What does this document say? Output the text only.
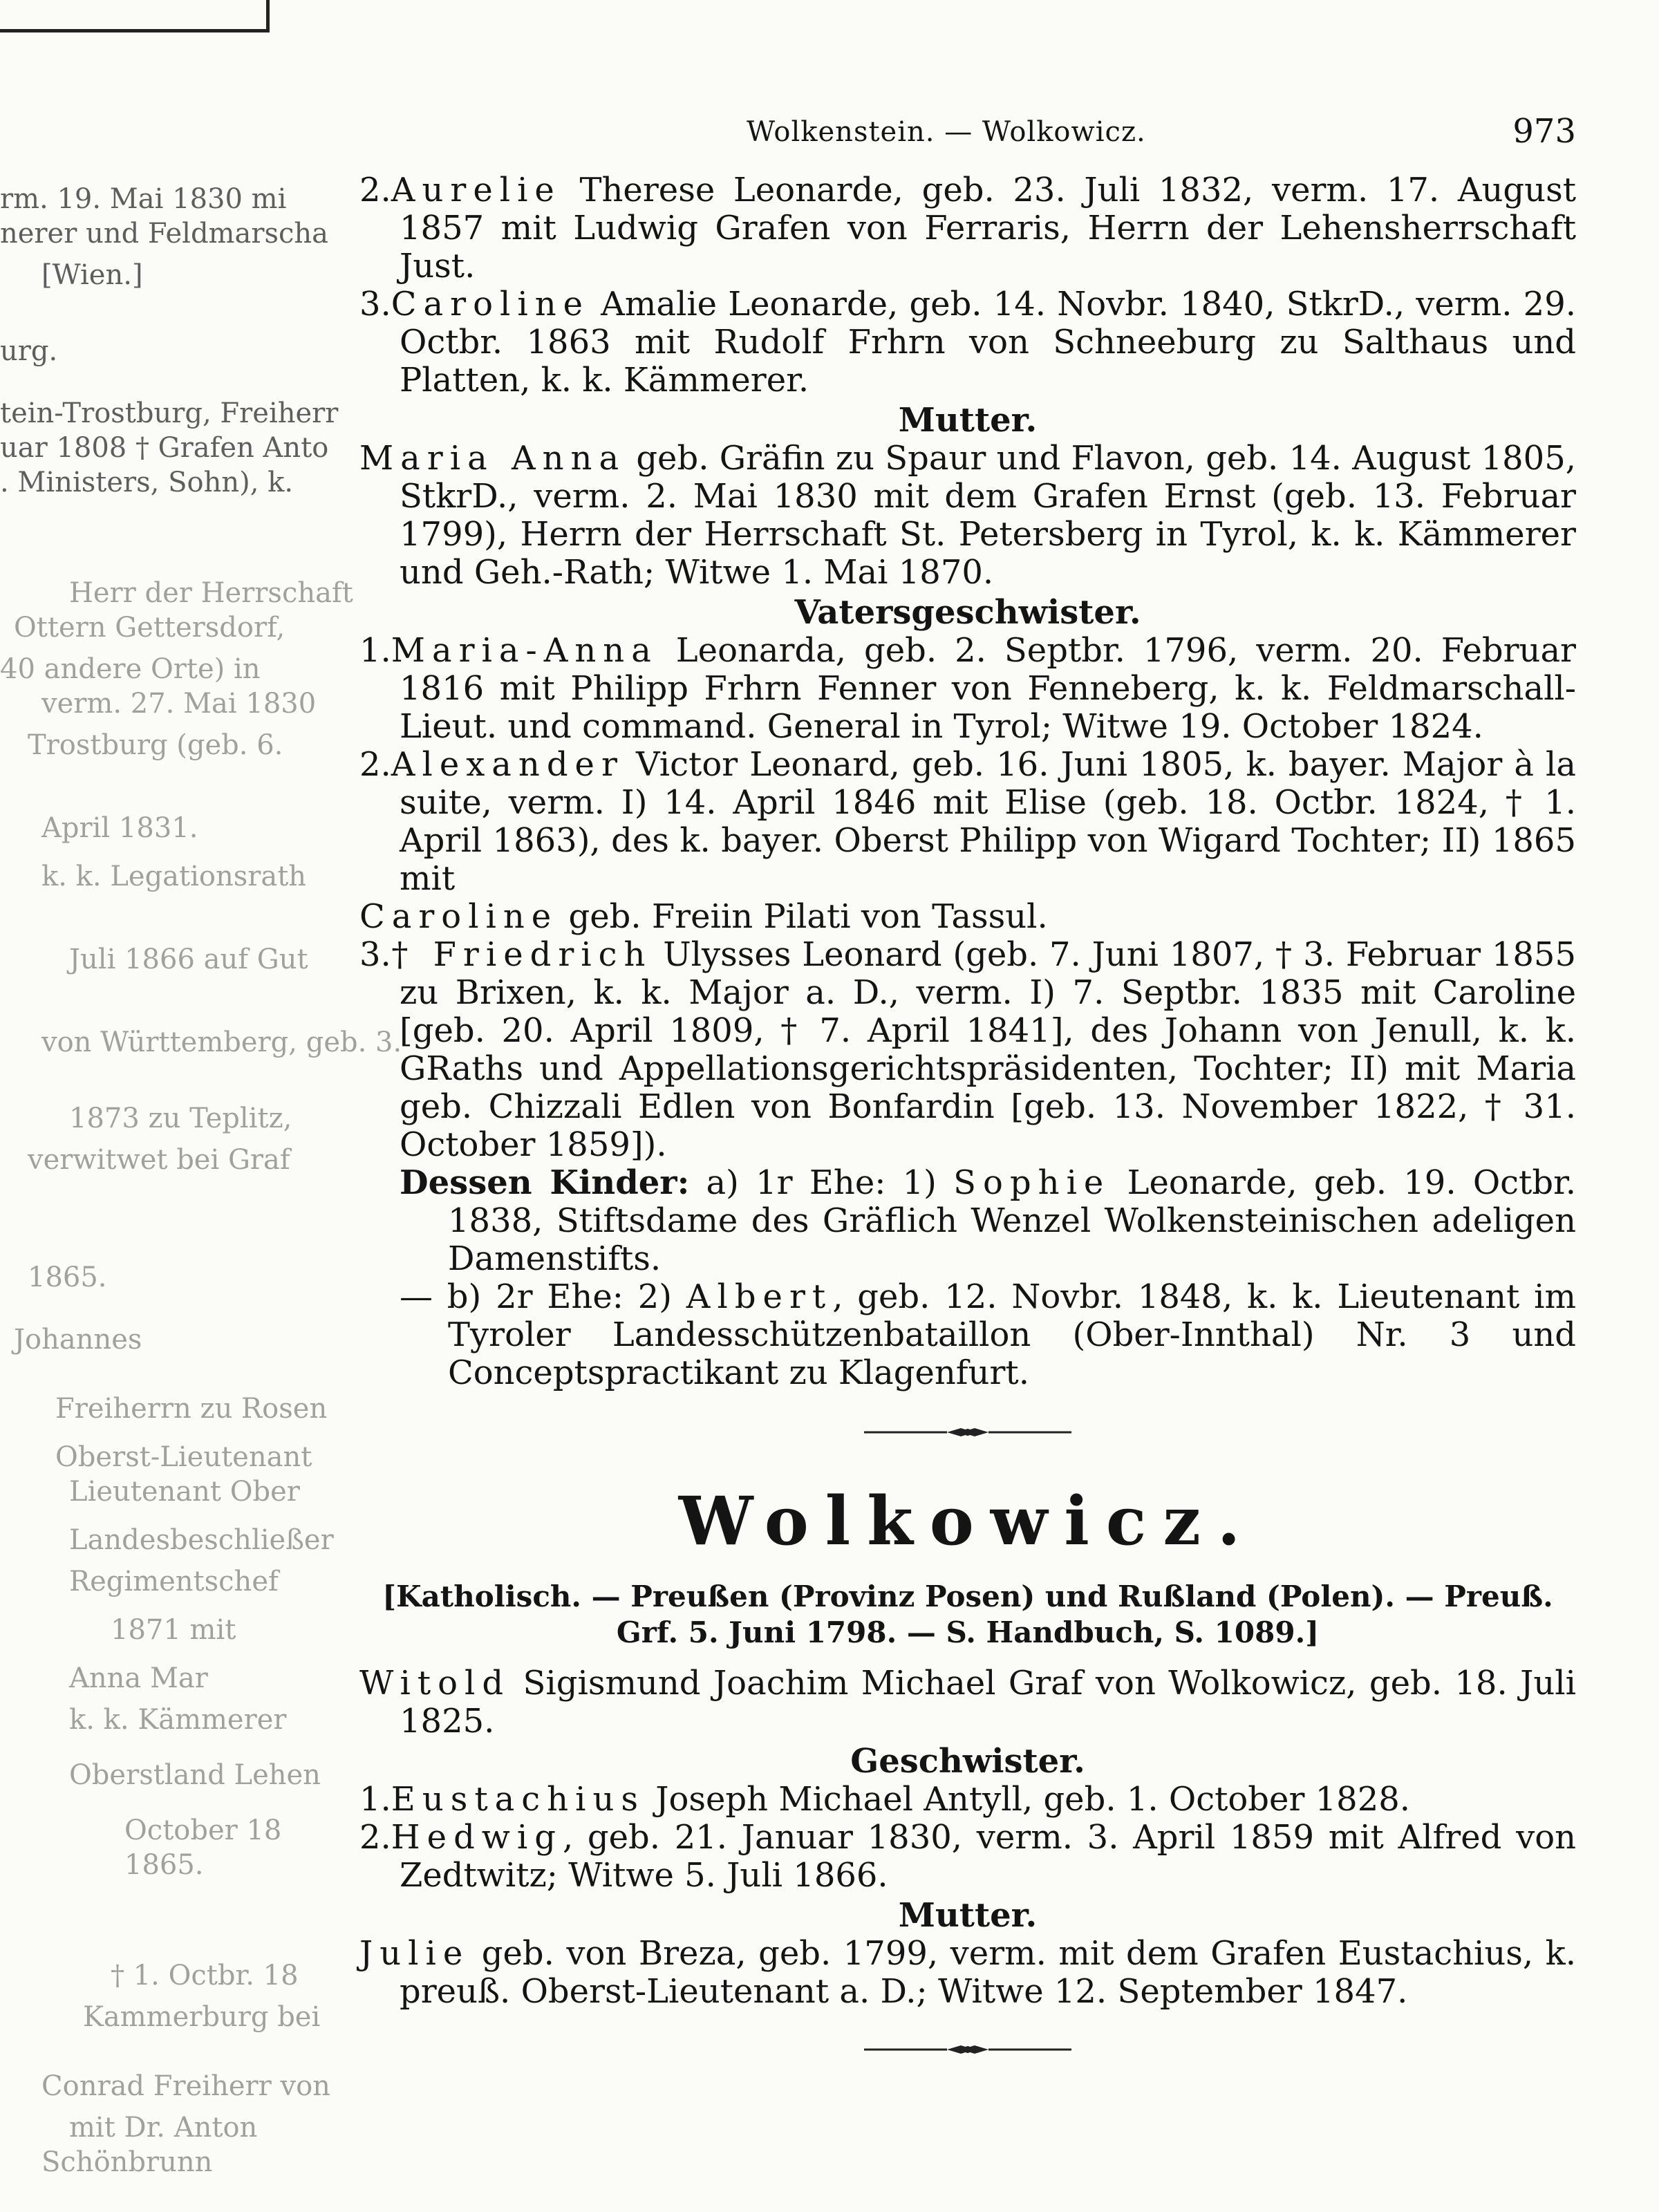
rm. 19. Mai 1830 mi
nerer und Feldmarscha
[Wien.]
urg.
tein-Trostburg, Freiherr
uar 1808 † Grafen Anto
. Ministers, Sohn), k.
Herr der Herrschaft
Ottern Gettersdorf,
40 andere Orte) in
verm. 27. Mai 1830
Trostburg (geb. 6.
April 1831.
k. k. Legationsrath
Juli 1866 auf Gut
von Württemberg, geb. 3.
1873 zu Teplitz,
verwitwet bei Graf
1865.
Johannes
Freiherrn zu Rosen
Oberst-Lieutenant
Lieutenant Ober
Landesbeschließer
Regimentschef
1871 mit
Anna Mar
k. k. Kämmerer
Oberstland Lehen
October 18
1865.
† 1. Octbr. 18
Kammerburg bei
Conrad Freiherr von
mit Dr. Anton
Schönbrunn
Wolkenstein. — Wolkowicz.	973
2.Aurelie Therese Leonarde, geb. 23. Juli 1832, verm. 17. August 1857 mit Ludwig Grafen von Ferraris, Herrn der Lehensherrschaft Just.
3.Caroline Amalie Leonarde, geb. 14. Novbr. 1840, StkrD., verm. 29. Octbr. 1863 mit Rudolf Frhrn von Schneeburg zu Salthaus und Platten, k. k. Kämmerer.
Mutter.
Maria Anna geb. Gräfin zu Spaur und Flavon, geb. 14. August 1805, StkrD., verm. 2. Mai 1830 mit dem Grafen Ernst (geb. 13. Februar 1799), Herrn der Herrschaft St. Petersberg in Tyrol, k. k. Kämmerer und Geh.-Rath; Witwe 1. Mai 1870.
Vatersgeschwister.
1.Maria-Anna Leonarda, geb. 2. Septbr. 1796, verm. 20. Februar 1816 mit Philipp Frhrn Fenner von Fenneberg, k. k. Feldmarschall-Lieut. und command. General in Tyrol; Witwe 19. October 1824.
2.Alexander Victor Leonard, geb. 16. Juni 1805, k. bayer. Major à la suite, verm. I) 14. April 1846 mit Elise (geb. 18. Octbr. 1824, † 1. April 1863), des k. bayer. Oberst Philipp von Wigard Tochter; II) 1865 mit
Caroline geb. Freiin Pilati von Tassul.
3.† Friedrich Ulysses Leonard (geb. 7. Juni 1807, † 3. Februar 1855 zu Brixen, k. k. Major a. D., verm. I) 7. Septbr. 1835 mit Caroline [geb. 20. April 1809, † 7. April 1841], des Johann von Jenull, k. k. GRaths und Appellationsgerichtspräsidenten, Tochter; II) mit Maria geb. Chizzali Edlen von Bonfardin [geb. 13. November 1822, † 31. October 1859]).
Dessen Kinder: a) 1r Ehe: 1) Sophie Leonarde, geb. 19. Octbr. 1838, Stiftsdame des Gräflich Wenzel Wolkensteinischen adeligen Damenstifts.
— b) 2r Ehe: 2) Albert, geb. 12. Novbr. 1848, k. k. Lieutenant im Tyroler Landesschützenbataillon (Ober-Innthal) Nr. 3 und Conceptspractikant zu Klagenfurt.
Wolkowicz.
[Katholisch. — Preußen (Provinz Posen) und Rußland (Polen). — Preuß. Grf. 5. Juni 1798. — S. Handbuch, S. 1089.]
Witold Sigismund Joachim Michael Graf von Wolkowicz, geb. 18. Juli 1825.
Geschwister.
1.Eustachius Joseph Michael Antyll, geb. 1. October 1828.
2.Hedwig, geb. 21. Januar 1830, verm. 3. April 1859 mit Alfred von Zedtwitz; Witwe 5. Juli 1866.
Mutter.
Julie geb. von Breza, geb. 1799, verm. mit dem Grafen Eustachius, k. preuß. Oberst-Lieutenant a. D.; Witwe 12. September 1847.
